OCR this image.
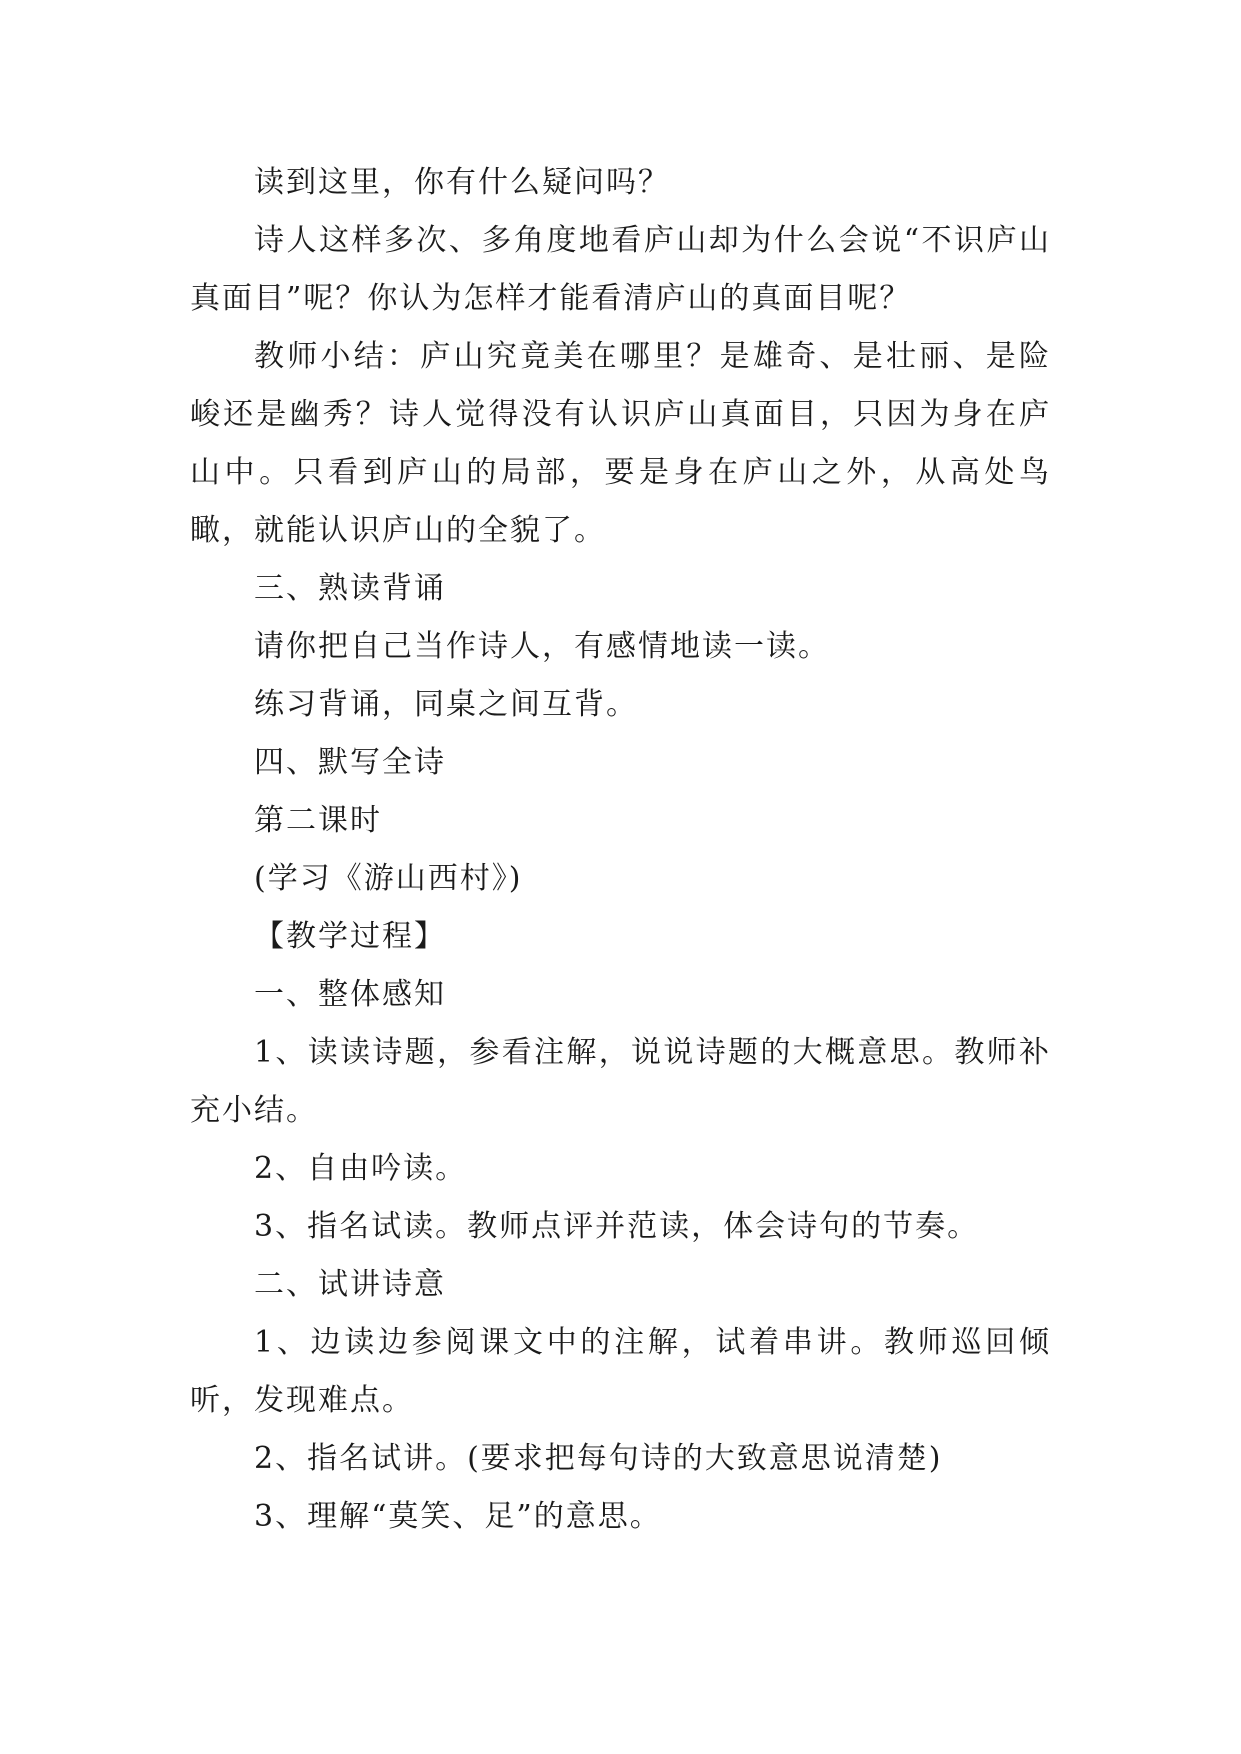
读到这里，你有什么疑问吗？

诗人这样多次、多角度地看庐山却为什么会说“不识庐山真面目”呢？你认为怎样才能看清庐山的真面目呢？

教师小结：庐山究竟美在哪里？是雄奇、是壮丽、是险峻还是幽秀？诗人觉得没有认识庐山真面目，只因为身在庐山中。只看到庐山的局部，要是身在庐山之外，从高处鸟瞰，就能认识庐山的全貌了。

三、熟读背诵

请你把自己当作诗人，有感情地读一读。

练习背诵，同桌之间互背。

四、默写全诗

第二课时

(学习《游山西村》)

【教学过程】

一、整体感知

1、读读诗题，参看注解，说说诗题的大概意思。教师补充小结。

2、自由吟读。

3、指名试读。教师点评并范读，体会诗句的节奏。

二、试讲诗意

1、边读边参阅课文中的注解，试着串讲。教师巡回倾听，发现难点。

2、指名试讲。(要求把每句诗的大致意思说清楚)

3、理解“莫笑、足”的意思。
